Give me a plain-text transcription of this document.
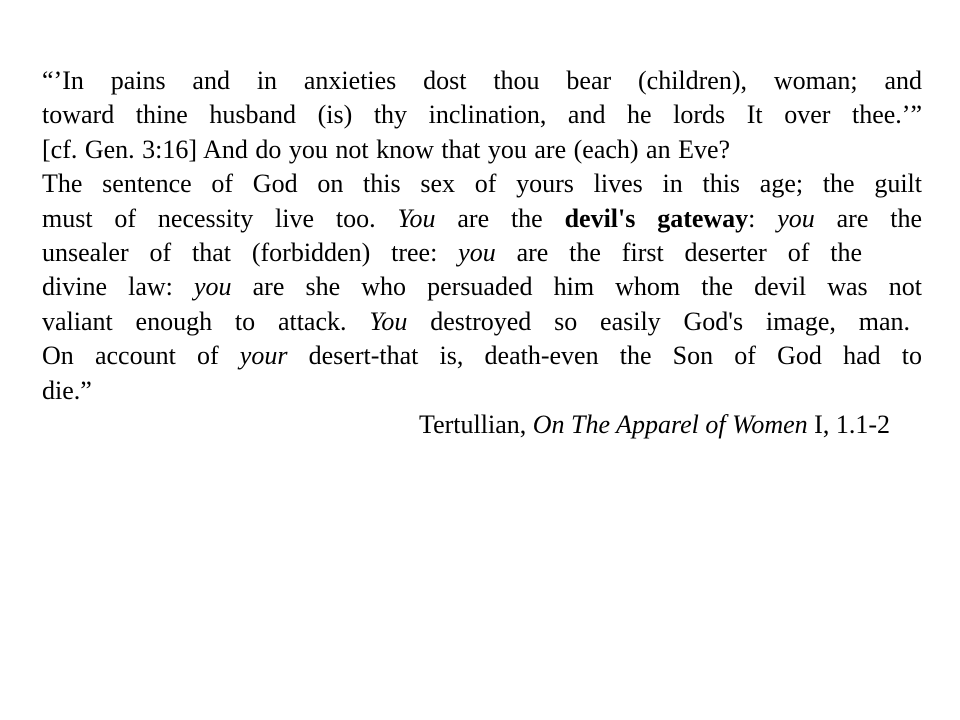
“’In pains and in anxieties dost thou bear (children), woman; and
toward thine husband (is) thy inclination, and he lords It over thee.’”
[cf. Gen. 3:16] And do you not know that you are (each) an Eve?
The sentence of God on this sex of yours lives in this age; the guilt
must of necessity live too. You are the devil's gateway: you are the
unsealer of that (forbidden) tree: you are the first deserter of the
divine law: you are she who persuaded him whom the devil was not
valiant enough to attack. You destroyed so easily God's image, man.
On account of your desert-that is, death-even the Son of God had to
die.”
Tertullian, On The Apparel of Women I, 1.1-2
